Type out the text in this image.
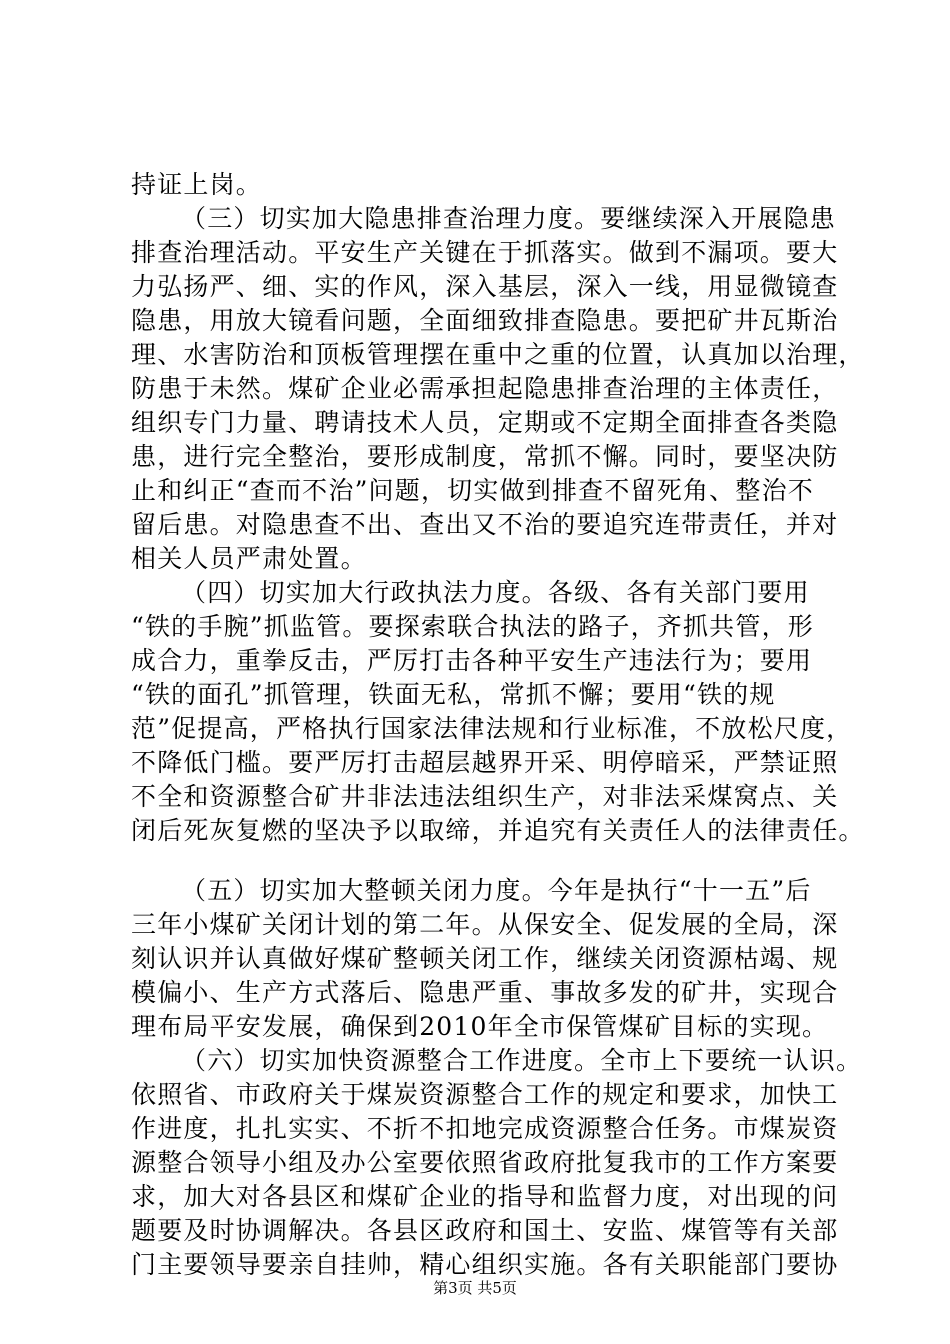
持证上岗。
（三）切实加大隐患排查治理力度。要继续深入开展隐患
排查治理活动。平安生产关键在于抓落实。做到不漏项。要大
力弘扬严、细、实的作风，深入基层，深入一线，用显微镜查
隐患，用放大镜看问题，全面细致排查隐患。要把矿井瓦斯治
理、水害防治和顶板管理摆在重中之重的位置，认真加以治理，
防患于未然。煤矿企业必需承担起隐患排查治理的主体责任，
组织专门力量、聘请技术人员，定期或不定期全面排查各类隐
患，进行完全整治，要形成制度，常抓不懈。同时，要坚决防
止和纠正“查而不治”问题，切实做到排查不留死角、整治不
留后患。对隐患查不出、查出又不治的要追究连带责任，并对
相关人员严肃处置。
（四）切实加大行政执法力度。各级、各有关部门要用
“铁的手腕”抓监管。要探索联合执法的路子，齐抓共管，形
成合力，重拳反击，严厉打击各种平安生产违法行为；要用
“铁的面孔”抓管理，铁面无私，常抓不懈；要用“铁的规
范”促提高，严格执行国家法律法规和行业标准，不放松尺度，
不降低门槛。要严厉打击超层越界开采、明停暗采，严禁证照
不全和资源整合矿井非法违法组织生产，对非法采煤窝点、关
闭后死灰复燃的坚决予以取缔，并追究有关责任人的法律责任。
（五）切实加大整顿关闭力度。今年是执行“十一五”后
三年小煤矿关闭计划的第二年。从保安全、促发展的全局，深
刻认识并认真做好煤矿整顿关闭工作，继续关闭资源枯竭、规
模偏小、生产方式落后、隐患严重、事故多发的矿井，实现合
理布局平安发展，确保到2010年全市保管煤矿目标的实现。
（六）切实加快资源整合工作进度。全市上下要统一认识。
依照省、市政府关于煤炭资源整合工作的规定和要求，加快工
作进度，扎扎实实、不折不扣地完成资源整合任务。市煤炭资
源整合领导小组及办公室要依照省政府批复我市的工作方案要
求，加大对各县区和煤矿企业的指导和监督力度，对出现的问
题要及时协调解决。各县区政府和国土、安监、煤管等有关部
门主要领导要亲自挂帅，精心组织实施。各有关职能部门要协
第3页 共5页
